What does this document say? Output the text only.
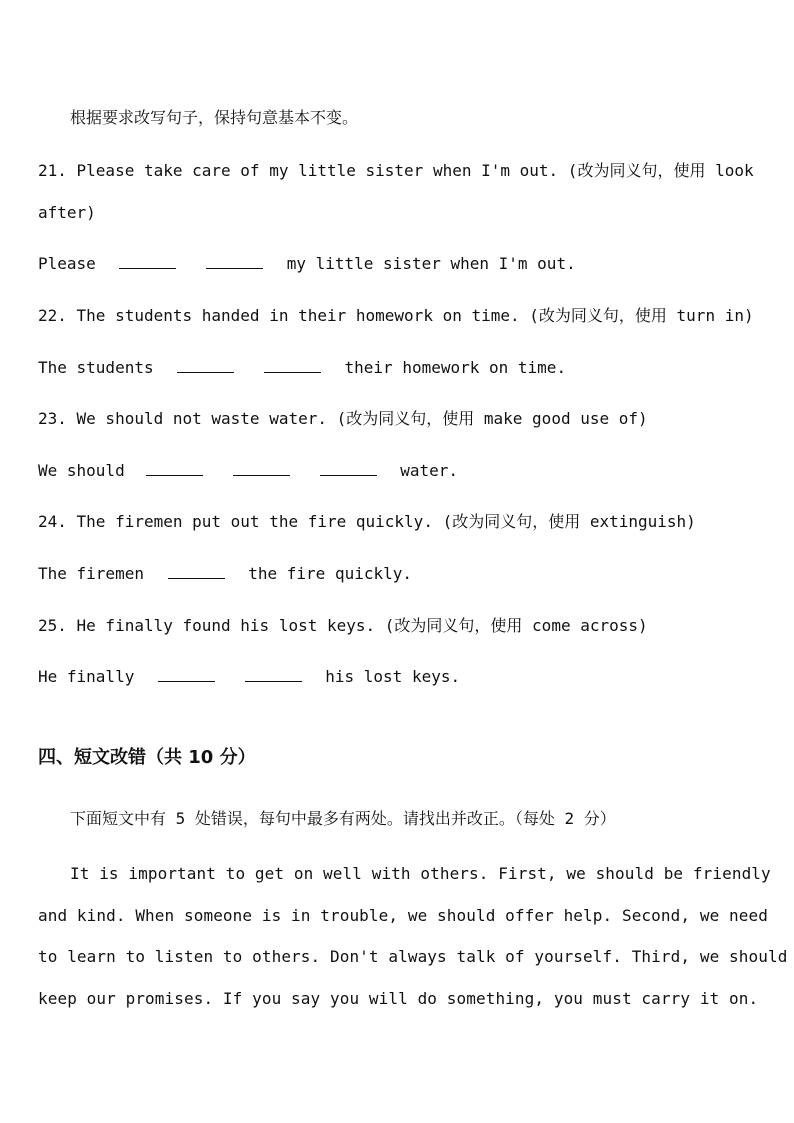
根据要求改写句子，保持句意基本不变。
21. Please take care of my little sister when I'm out. (改为同义句，使用 look
after)
Please	my little sister when I'm out.
22. The students handed in their homework on time. (改为同义句，使用 turn in)
The students	their homework on time.
23. We should not waste water. (改为同义句，使用 make good use of)
We should	water.
24. The firemen put out the fire quickly. (改为同义句，使用 extinguish)
The firemen	the fire quickly.
25. He finally found his lost keys. (改为同义句，使用 come across)
He finally	his lost keys.
四、短文改错（共 10 分）
下面短文中有 5 处错误，每句中最多有两处。请找出并改正。（每处 2 分）
It is important to get on well with others. First, we should be friendly
and kind. When someone is in trouble, we should offer help. Second, we need
to learn to listen to others. Don't always talk of yourself. Third, we should
keep our promises. If you say you will do something, you must carry it on.
